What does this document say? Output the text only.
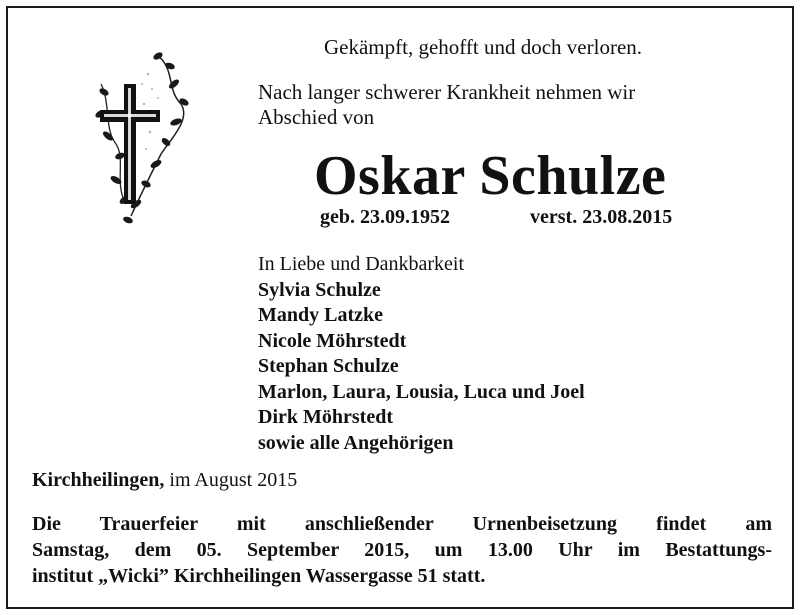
Gekämpft, gehofft und doch verloren.
Nach langer schwerer Krankheit nehmen wir
Abschied von
Oskar Schulze
geb. 23.09.1952	verst. 23.08.2015
In Liebe und Dankbarkeit
Sylvia Schulze
Mandy Latzke
Nicole Möhrstedt
Stephan Schulze
Marlon, Laura, Lousia, Luca und Joel
Dirk Möhrstedt
sowie alle Angehörigen
Kirchheilingen, im August 2015
Die Trauerfeier mit anschließender Urnenbeisetzung findet am
Samstag, dem 05. September 2015, um 13.00 Uhr im Bestattungs-
institut „Wicki” Kirchheilingen Wassergasse 51 statt.
